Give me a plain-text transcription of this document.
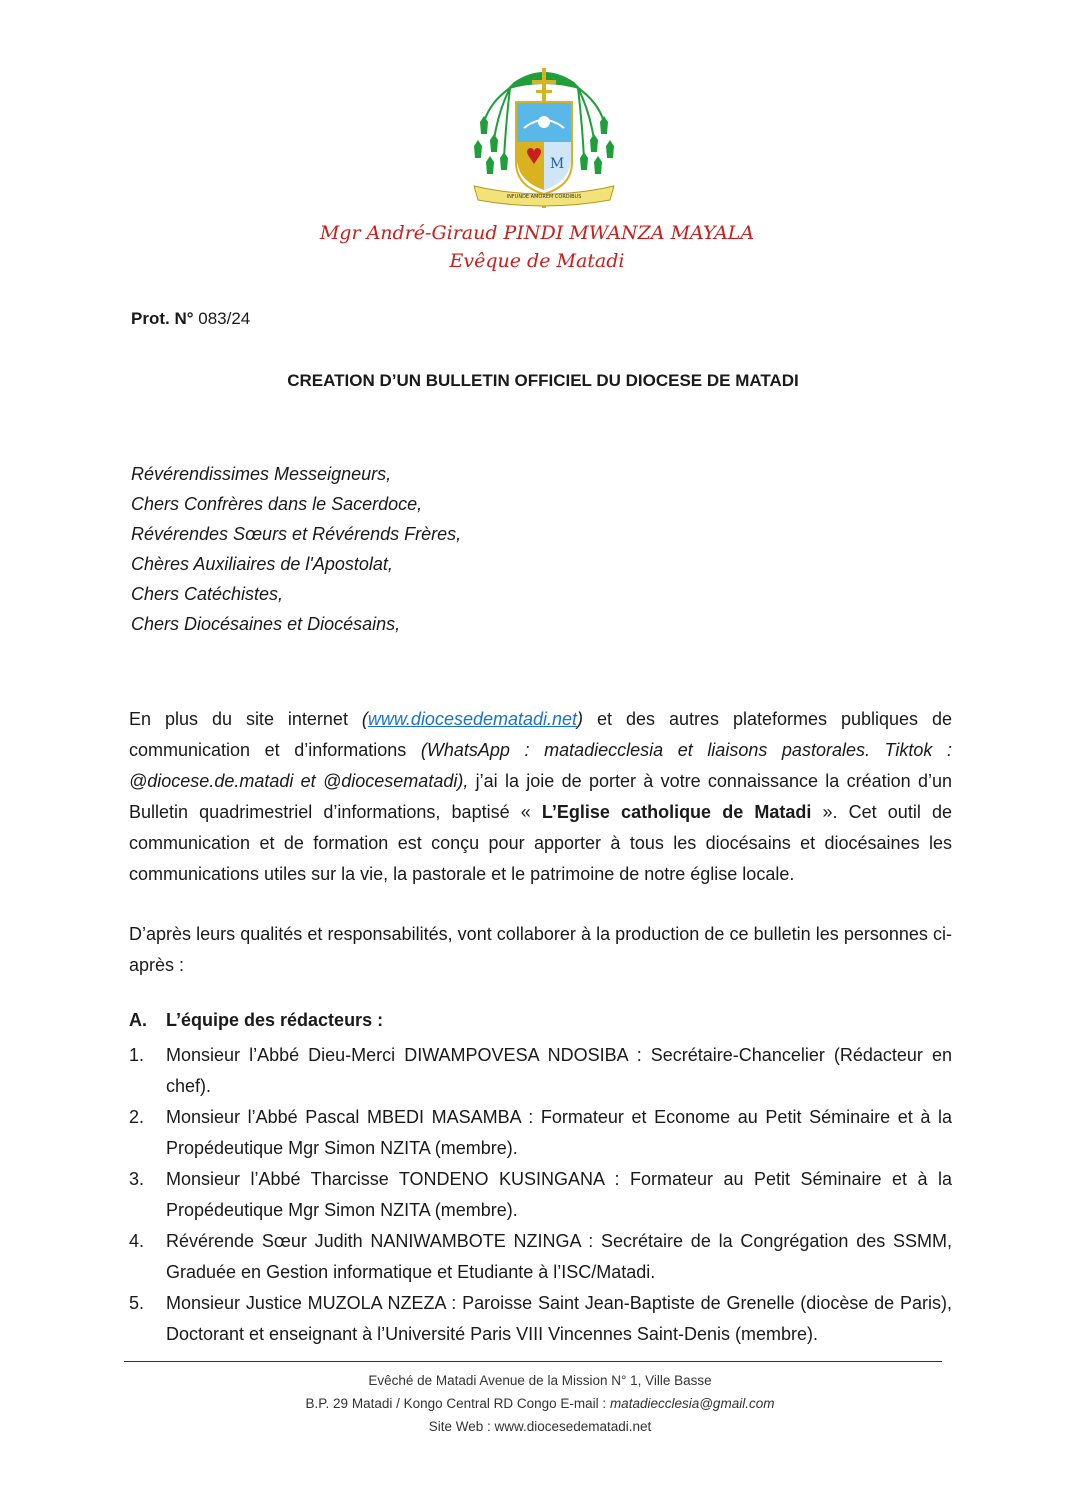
M
INFUNDE AMOREM CORDIBUS
Mgr André-Giraud PINDI MWANZA MAYALA
Evêque de Matadi
Prot. N° 083/24
CREATION D’UN BULLETIN OFFICIEL DU DIOCESE DE MATADI
Révérendissimes Messeigneurs,
Chers Confrères dans le Sacerdoce,
Révérendes Sœurs et Révérends Frères,
Chères Auxiliaires de l'Apostolat,
Chers Catéchistes,
Chers Diocésaines et Diocésains,
En plus du site internet (www.diocesedematadi.net) et des autres plateformes publiques de communication et d’informations (WhatsApp : matadiecclesia et liaisons pastorales. Tiktok : @diocese.de.matadi et @diocesematadi), j’ai la joie de porter à votre connaissance la création d’un Bulletin quadrimestriel d’informations, baptisé « L’Eglise catholique de Matadi ». Cet outil de communication et de formation est conçu pour apporter à tous les diocésains et diocésaines les communications utiles sur la vie, la pastorale et le patrimoine de notre église locale.
D’après leurs qualités et responsabilités, vont collaborer à la production de ce bulletin les personnes ci-après :
A. L’équipe des rédacteurs :
1.	Monsieur l’Abbé Dieu-Merci DIWAMPOVESA NDOSIBA : Secrétaire-Chancelier (Rédacteur en chef).
2.	Monsieur l’Abbé Pascal MBEDI MASAMBA : Formateur et Econome au Petit Séminaire et à la Propédeutique Mgr Simon NZITA (membre).
3.	Monsieur l’Abbé Tharcisse TONDENO KUSINGANA : Formateur au Petit Séminaire et à la Propédeutique Mgr Simon NZITA (membre).
4.	Révérende Sœur Judith NANIWAMBOTE NZINGA : Secrétaire de la Congrégation des SSMM, Graduée en Gestion informatique et Etudiante à l’ISC/Matadi.
5.	Monsieur Justice MUZOLA NZEZA : Paroisse Saint Jean-Baptiste de Grenelle (diocèse de Paris), Doctorant et enseignant à l’Université Paris VIII Vincennes Saint-Denis (membre).
Evêché de Matadi Avenue de la Mission N° 1, Ville Basse
B.P. 29 Matadi / Kongo Central RD Congo E-mail : matadiecclesia@gmail.com
Site Web : www.diocesedematadi.net
